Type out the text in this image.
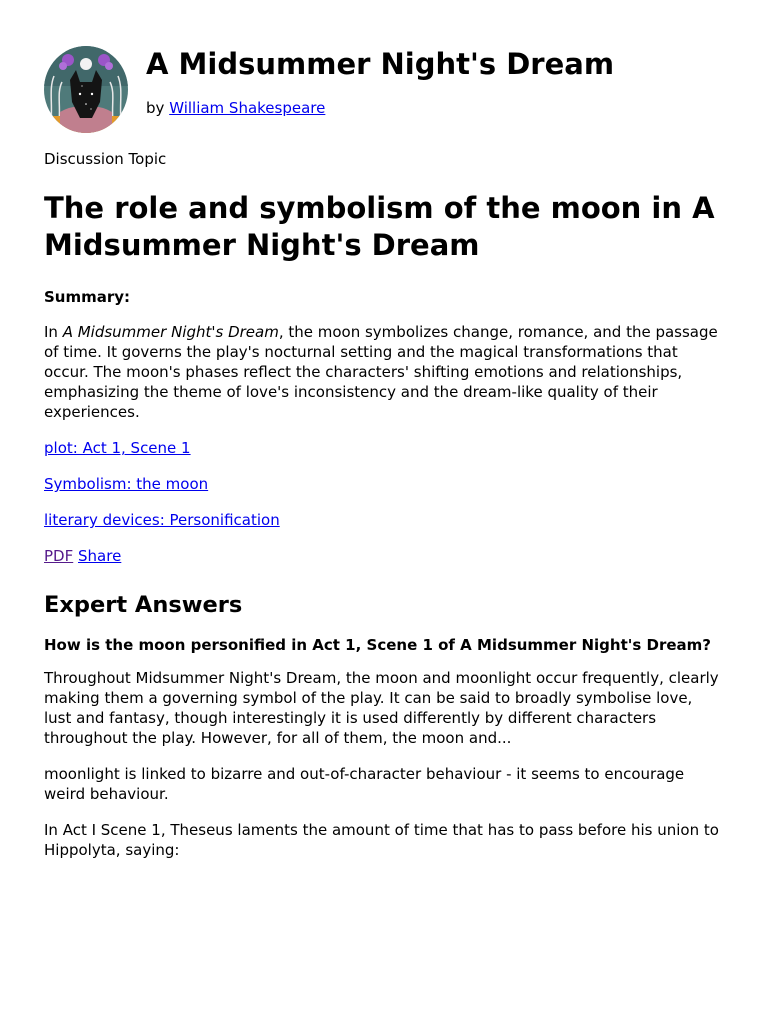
A Midsummer Night's Dream
by William Shakespeare
Discussion Topic
The role and symbolism of the moon in A Midsummer Night's Dream
Summary:

In A Midsummer Night's Dream, the moon symbolizes change, romance, and the passage of time. It governs the play's nocturnal setting and the magical transformations that occur. The moon's phases reflect the characters' shifting emotions and relationships, emphasizing the theme of love's inconsistency and the dream-like quality of their experiences.

plot: Act 1, Scene 1

Symbolism: the moon

literary devices: Personification

PDF Share

Expert Answers
How is the moon personified in Act 1, Scene 1 of A Midsummer Night's Dream?

Throughout Midsummer Night's Dream, the moon and moonlight occur frequently, clearly making them a governing symbol of the play. It can be said to broadly symbolise love, lust and fantasy, though interestingly it is used differently by different characters throughout the play. However, for all of them, the moon and...

moonlight is linked to bizarre and out-of-character behaviour - it seems to encourage weird behaviour.

In Act I Scene 1, Theseus laments the amount of time that has to pass before his union to Hippolyta, saying:
